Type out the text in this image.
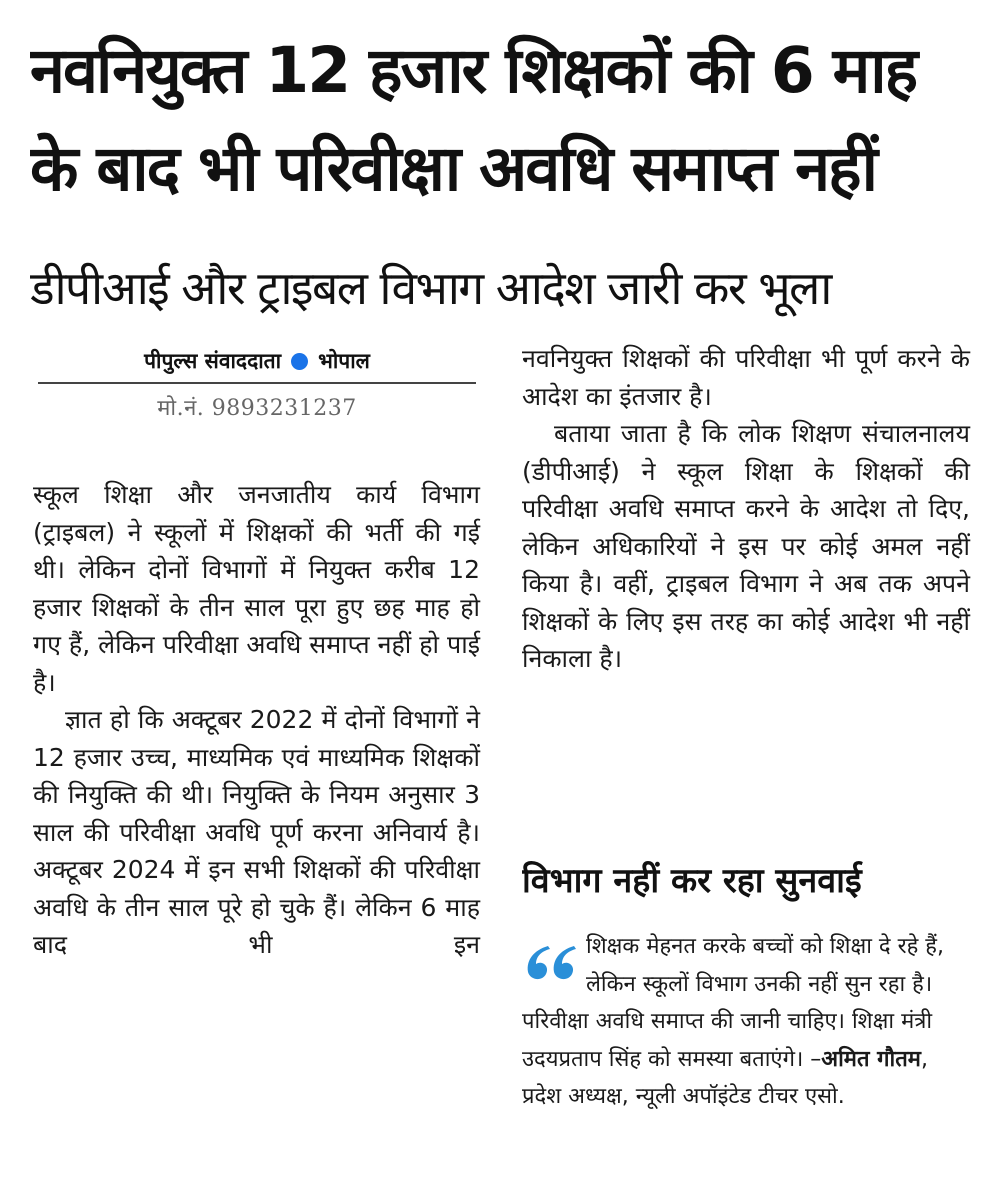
नवनियुक्त 12 हजार शिक्षकों की 6 माह
के बाद भी परिवीक्षा अवधि समाप्त नहीं
डीपीआई और ट्राइबल विभाग आदेश जारी कर भूला
पीपुल्स संवाददाता भोपाल
मो.नं. 9893231237

स्कूल शिक्षा और जनजातीय कार्य विभाग (ट्राइबल) ने स्कूलों में शिक्षकों की भर्ती की गई थी। लेकिन दोनों विभागों में नियुक्त करीब 12 हजार शिक्षकों के तीन साल पूरा हुए छह माह हो गए हैं, लेकिन परिवीक्षा अवधि समाप्त नहीं हो पाई है।

ज्ञात हो कि अक्टूबर 2022 में दोनों विभागों ने 12 हजार उच्च, माध्यमिक एवं माध्यमिक शिक्षकों की नियुक्ति की थी। नियुक्ति के नियम अनुसार 3 साल की परिवीक्षा अवधि पूर्ण करना अनिवार्य है। अक्टूबर 2024 में इन सभी शिक्षकों की परिवीक्षा अवधि के तीन साल पूरे हो चुके हैं। लेकिन 6 माह बाद भी इन

नवनियुक्त शिक्षकों की परिवीक्षा भी पूर्ण करने के आदेश का इंतजार है।

बताया जाता है कि लोक शिक्षण संचालनालय (डीपीआई) ने स्कूल शिक्षा के शिक्षकों की परिवीक्षा अवधि समाप्त करने के आदेश तो दिए, लेकिन अधिकारियों ने इस पर कोई अमल नहीं किया है। वहीं, ट्राइबल विभाग ने अब तक अपने शिक्षकों के लिए इस तरह का कोई आदेश भी नहीं निकाला है।

विभाग नहीं कर रहा सुनवाई
शिक्षक मेहनत करके बच्चों को शिक्षा दे रहे हैं, लेकिन स्कूलों विभाग उनकी नहीं सुन रहा है। परिवीक्षा अवधि समाप्त की जानी चाहिए। शिक्षा मंत्री उदयप्रताप सिंह को समस्या बताएंगे। –अमित गौतम, प्रदेश अध्यक्ष, न्यूली अपॉइंटेड टीचर एसो.
